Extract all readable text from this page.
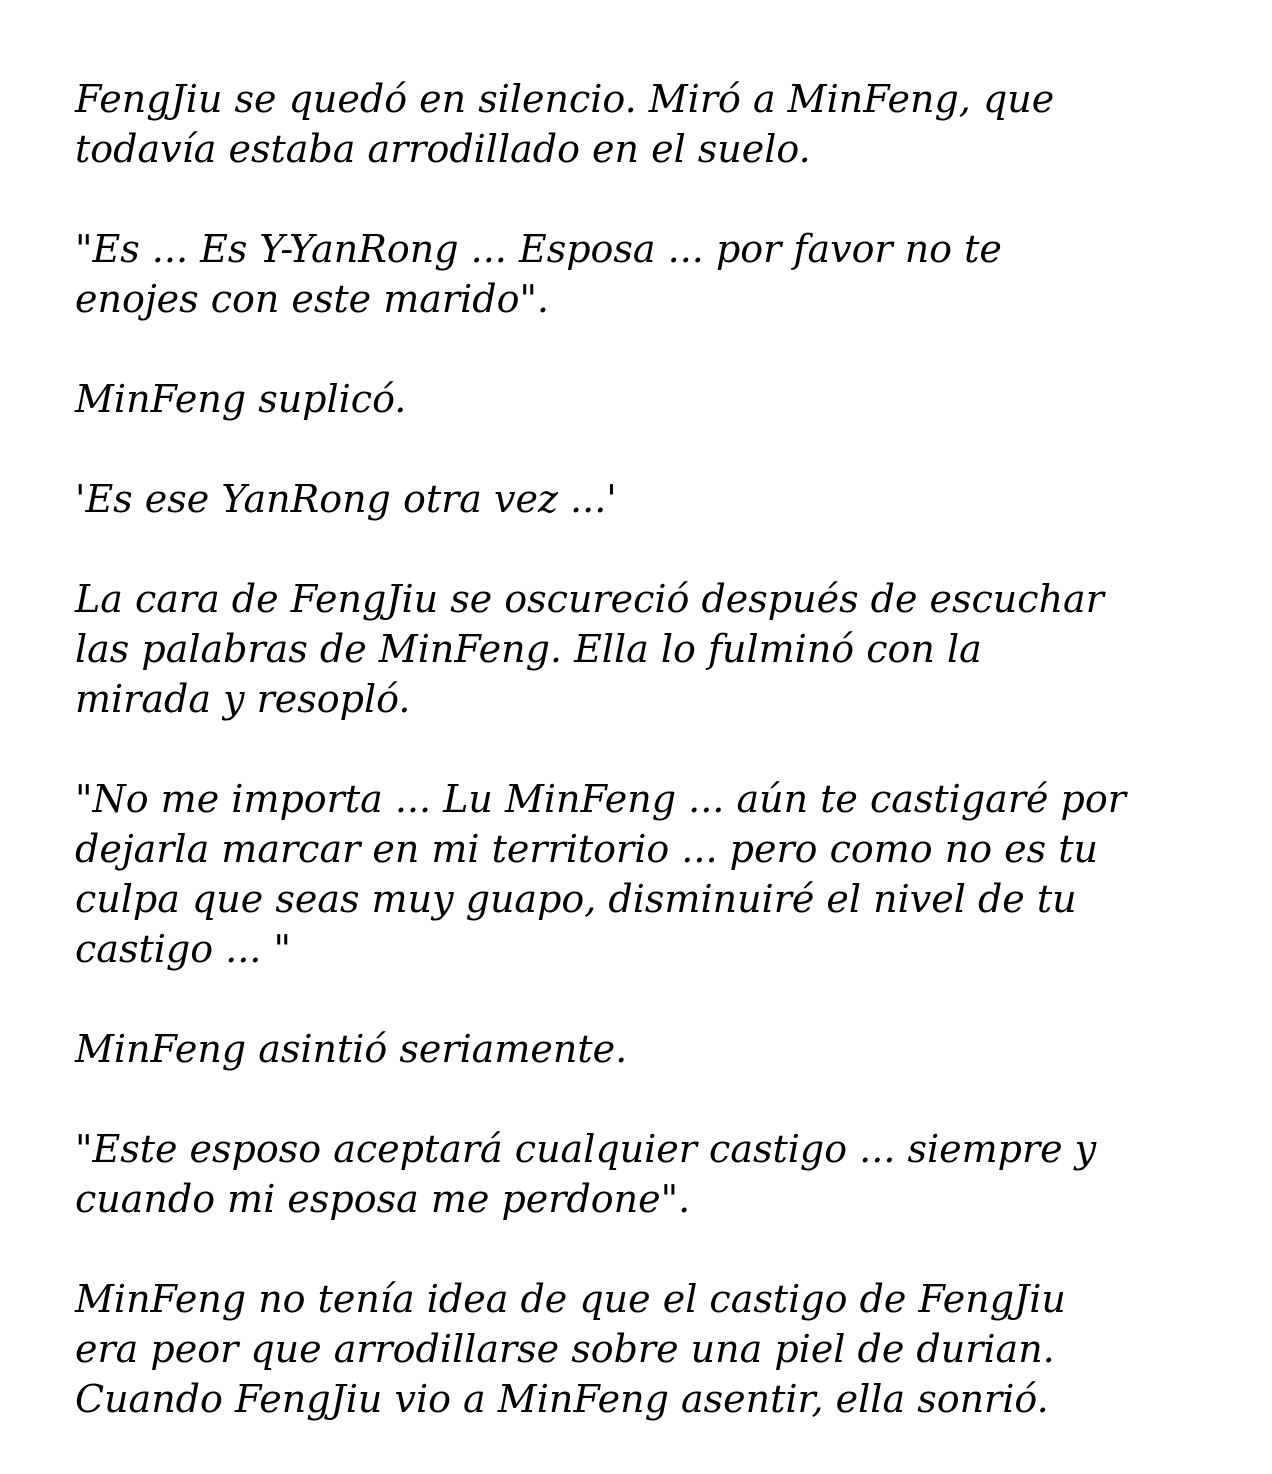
FengJiu se quedó en silencio. Miró a MinFeng, que
todavía estaba arrodillado en el suelo.

"Es ... Es Y-YanRong ... Esposa ... por favor no te
enojes con este marido".

MinFeng suplicó.

'Es ese YanRong otra vez ...'

La cara de FengJiu se oscureció después de escuchar
las palabras de MinFeng. Ella lo fulminó con la
mirada y resopló.

"No me importa ... Lu MinFeng ... aún te castigaré por
dejarla marcar en mi territorio ... pero como no es tu
culpa que seas muy guapo, disminuiré el nivel de tu
castigo ... "

MinFeng asintió seriamente.

"Este esposo aceptará cualquier castigo ... siempre y
cuando mi esposa me perdone".

MinFeng no tenía idea de que el castigo de FengJiu
era peor que arrodillarse sobre una piel de durian.
Cuando FengJiu vio a MinFeng asentir, ella sonrió.
